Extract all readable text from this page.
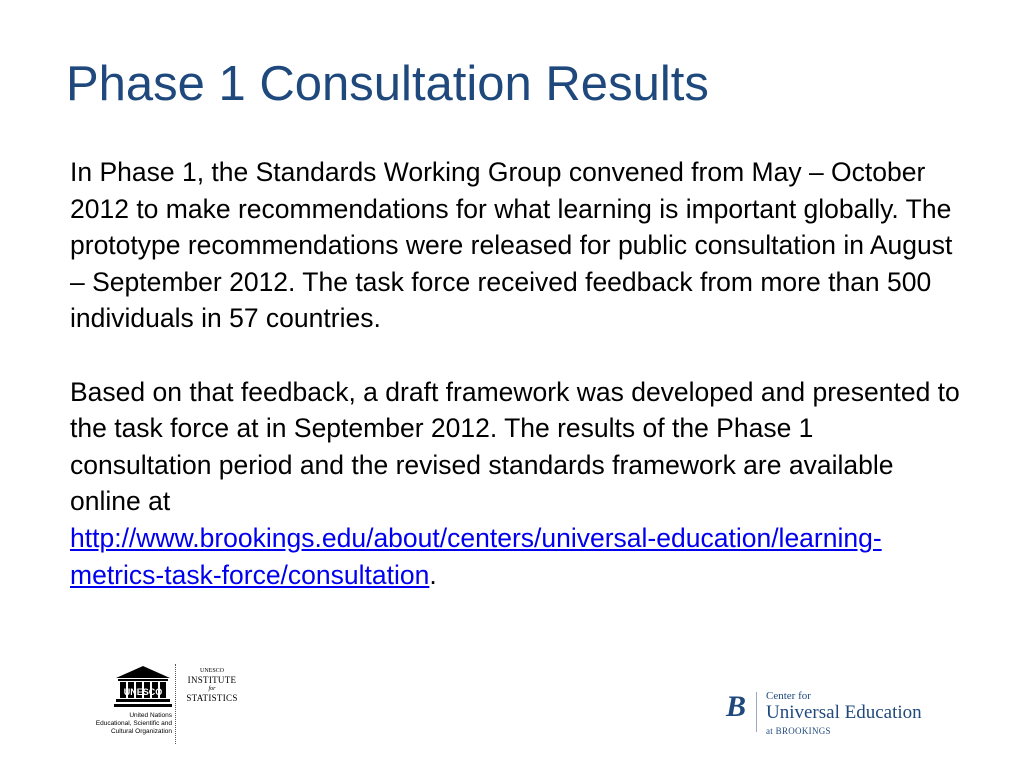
Phase 1 Consultation Results

In Phase 1, the Standards Working Group convened from May – October 2012 to make recommendations for what learning is important globally. The prototype recommendations were released for public consultation in August – September 2012. The task force received feedback from more than 500 individuals in 57 countries.

Based on that feedback, a draft framework was developed and presented to the task force at in September 2012. The results of the Phase 1 consultation period and the revised standards framework are available online at
http://www.brookings.edu/about/centers/universal-education/learning-metrics-task-force/consultation.

UNESCO
United Nations
Educational, Scientific and
Cultural Organization
UNESCO
INSTITUTE
for
STATISTICS	B Center for
Universal Education
at BROOKINGS
